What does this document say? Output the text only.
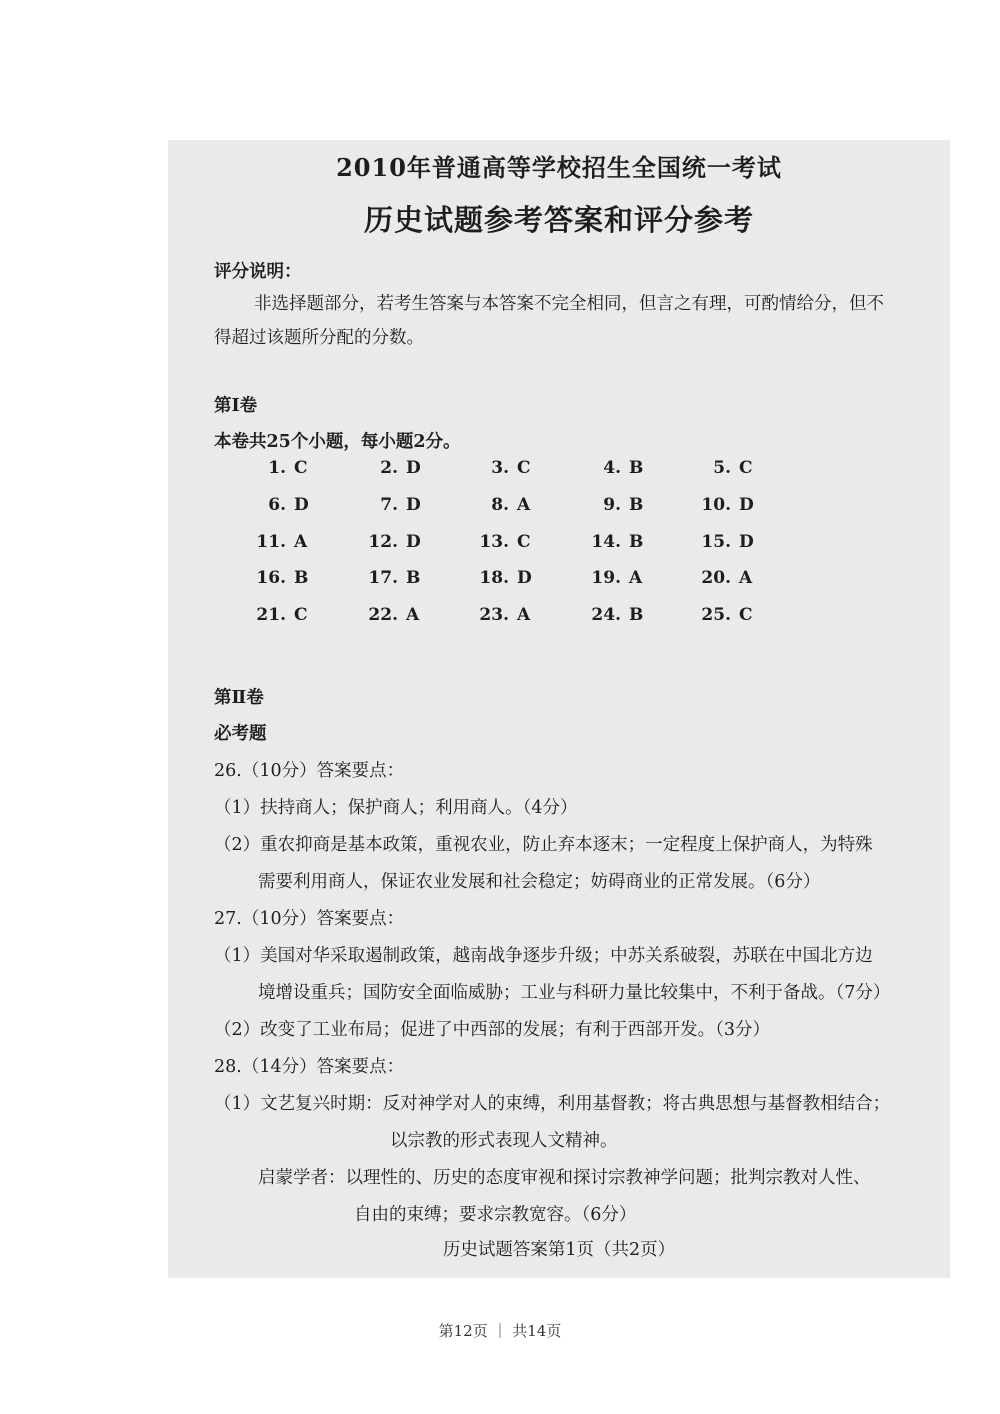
2010年普通高等学校招生全国统一考试
历史试题参考答案和评分参考
评分说明：
非选择题部分，若考生答案与本答案不完全相同，但言之有理，可酌情给分，但不
得超过该题所分配的分数。
第Ⅰ卷
本卷共25个小题，每小题2分。
1. C	2. D	3. C	4. B	5. C
6. D	7. D	8. A	9. B	10. D
11. A	12. D	13. C	14. B	15. D
16. B	17. B	18. D	19. A	20. A
21. C	22. A	23. A	24. B	25. C
第Ⅱ卷
必考题
26.（10分）答案要点：
（1）扶持商人；保护商人；利用商人。（4分）
（2）重农抑商是基本政策，重视农业，防止弃本逐末；一定程度上保护商人，为特殊
需要利用商人，保证农业发展和社会稳定；妨碍商业的正常发展。（6分）
27.（10分）答案要点：
（1）美国对华采取遏制政策，越南战争逐步升级；中苏关系破裂，苏联在中国北方边
境增设重兵；国防安全面临威胁；工业与科研力量比较集中，不利于备战。（7分）
（2）改变了工业布局；促进了中西部的发展；有利于西部开发。（3分）
28.（14分）答案要点：
（1）文艺复兴时期：反对神学对人的束缚，利用基督教；将古典思想与基督教相结合；
以宗教的形式表现人文精神。
启蒙学者：以理性的、历史的态度审视和探讨宗教神学问题；批判宗教对人性、
自由的束缚；要求宗教宽容。（6分）
历史试题答案第1页（共2页）
第12页 ｜ 共14页
